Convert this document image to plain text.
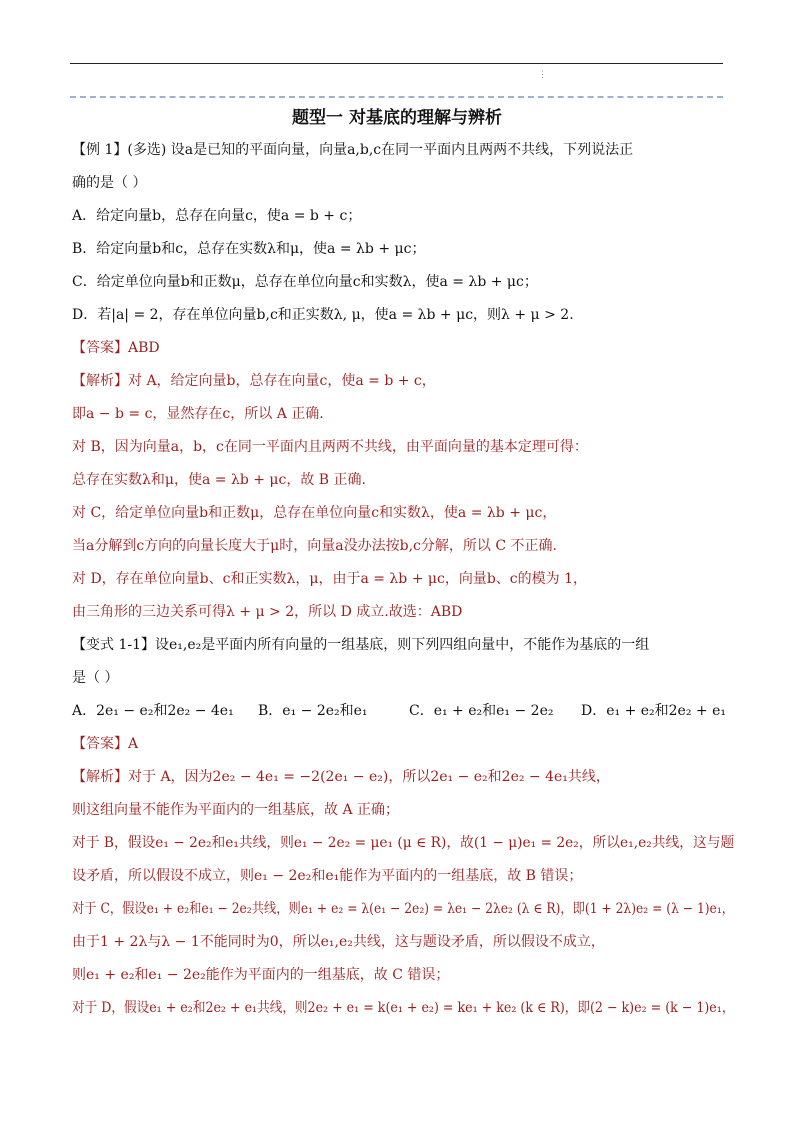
⋮
题型一 对基底的理解与辨析
【例 1】(多选) 设a是已知的平面向量，向量a,b,c在同一平面内且两两不共线，下列说法正
确的是（ ）
A．给定向量b，总存在向量c，使a = b + c；
B．给定向量b和c，总存在实数λ和μ，使a = λb + μc；
C．给定单位向量b和正数μ，总存在单位向量c和实数λ，使a = λb + μc；
D．若|a| = 2，存在单位向量b,c和正实数λ, μ，使a = λb + μc，则λ + μ > 2.
【答案】ABD
【解析】对 A，给定向量b，总存在向量c，使a = b + c，
即a − b = c，显然存在c，所以 A 正确.
对 B，因为向量a，b，c在同一平面内且两两不共线，由平面向量的基本定理可得：
总存在实数λ和μ，使a = λb + μc，故 B 正确.
对 C，给定单位向量b和正数μ，总存在单位向量c和实数λ，使a = λb + μc，
当a分解到c方向的向量长度大于μ时，向量a没办法按b,c分解，所以 C 不正确.
对 D，存在单位向量b、c和正实数λ，μ，由于a = λb + μc，向量b、c的模为 1，
由三角形的三边关系可得λ + μ > 2，所以 D 成立.故选：ABD
【变式 1-1】设e₁,e₂是平面内所有向量的一组基底，则下列四组向量中，不能作为基底的一组
是（ ）
A．2e₁ − e₂和2e₂ − 4e₁ B．e₁ − 2e₂和e₁	C．e₁ + e₂和e₁ − 2e₂ D．e₁ + e₂和2e₂ + e₁
【答案】A
【解析】对于 A，因为2e₂ − 4e₁ = −2(2e₁ − e₂)，所以2e₁ − e₂和2e₂ − 4e₁共线，
则这组向量不能作为平面内的一组基底，故 A 正确；
对于 B，假设e₁ − 2e₂和e₁共线，则e₁ − 2e₂ = μe₁ (μ ∈ R)，故(1 − μ)e₁ = 2e₂，所以e₁,e₂共线，这与题
设矛盾，所以假设不成立，则e₁ − 2e₂和e₁能作为平面内的一组基底，故 B 错误；
对于 C，假设e₁ + e₂和e₁ − 2e₂共线，则e₁ + e₂ = λ(e₁ − 2e₂) = λe₁ − 2λe₂ (λ ∈ R)，即(1 + 2λ)e₂ = (λ − 1)e₁，
由于1 + 2λ与λ − 1不能同时为0，所以e₁,e₂共线，这与题设矛盾，所以假设不成立，
则e₁ + e₂和e₁ − 2e₂能作为平面内的一组基底，故 C 错误；
对于 D，假设e₁ + e₂和2e₂ + e₁共线，则2e₂ + e₁ = k(e₁ + e₂) = ke₁ + ke₂ (k ∈ R)，即(2 − k)e₂ = (k − 1)e₁，
